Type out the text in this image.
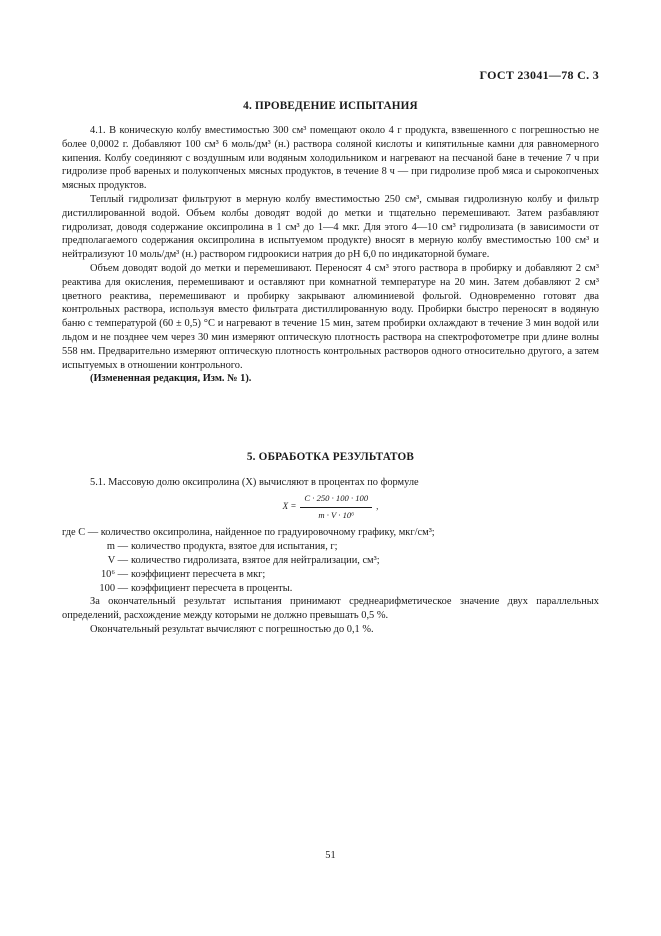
ГОСТ 23041—78 С. 3
4. ПРОВЕДЕНИЕ ИСПЫТАНИЯ

4.1. В коническую колбу вместимостью 300 см³ помещают около 4 г продукта, взвешенного с погрешностью не более 0,0002 г. Добавляют 100 см³ 6 моль/дм³ (н.) раствора соляной кислоты и кипятильные камни для равномерного кипения. Колбу соединяют с воздушным или водяным холодильником и нагревают на песчаной бане в течение 7 ч при гидролизе проб вареных и полукопченых мясных продуктов, в течение 8 ч — при гидролизе проб мяса и сырокопченых мясных продуктов.

Теплый гидролизат фильтруют в мерную колбу вместимостью 250 см³, смывая гидролизную колбу и фильтр дистиллированной водой. Объем колбы доводят водой до метки и тщательно перемешивают. Затем разбавляют гидролизат, доводя содержание оксипролина в 1 см³ до 1—4 мкг. Для этого 4—10 см³ гидролизата (в зависимости от предполагаемого содержания оксипролина в испытуемом продукте) вносят в мерную колбу вместимостью 100 см³ и нейтрализуют 10 моль/дм³ (н.) раствором гидроокиси натрия до рН 6,0 по индикаторной бумаге.

Объем доводят водой до метки и перемешивают. Переносят 4 см³ этого раствора в пробирку и добавляют 2 см³ реактива для окисления, перемешивают и оставляют при комнатной температуре на 20 мин. Затем добавляют 2 см³ цветного реактива, перемешивают и пробирку закрывают алюминиевой фольгой. Одновременно готовят два контрольных раствора, используя вместо фильтрата дистиллированную воду. Пробирки быстро переносят в водяную баню с температурой (60 ± 0,5) °С и нагревают в течение 15 мин, затем пробирки охлаждают в течение 3 мин водой или льдом и не позднее чем через 30 мин измеряют оптическую плотность раствора на спектрофотометре при длине волны 558 нм. Предварительно измеряют оптическую плотность контрольных растворов одного относительно другого, а затем испытуемых в отношении контрольного.

(Измененная редакция, Изм. № 1).

5. ОБРАБОТКА РЕЗУЛЬТАТОВ

5.1. Массовую долю оксипролина (X) вычисляют в процентах по формуле

$X = \frac{C \cdot 250 \cdot 100 \cdot 100}{\text{m · V · 10⁶}}$ ,
где C —
количество оксипролина, найденное по градуировочному графику, мкг/см³;
m — количество продукта, взятое для испытания, г;
V — количество гидролизата, взятое для нейтрализации, см³;
10⁶ — коэффициент пересчета в мкг;
100 — коэффициент пересчета в проценты.

За окончательный результат испытания принимают среднеарифметическое значение двух параллельных определений, расхождение между которыми не должно превышать 0,5 %.

Окончательный результат вычисляют с погрешностью до 0,1 %.

51
